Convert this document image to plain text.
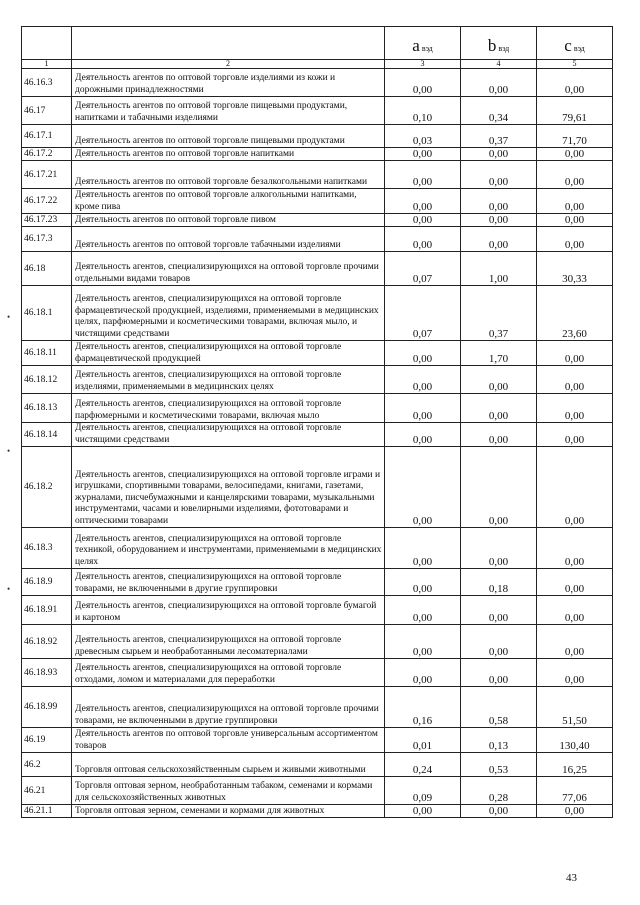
		a вэд	b вэд	c вэд
1	2	3	4	5
46.16.3	Деятельность агентов по оптовой торговле изделиями из кожи и дорожными принадлежностями	0,00	0,00	0,00
46.17	Деятельность агентов по оптовой торговле пищевыми продуктами, напитками и табачными изделиями	0,10	0,34	79,61
46.17.1	Деятельность агентов по оптовой торговле пищевыми продуктами	0,03	0,37	71,70
46.17.2	Деятельность агентов по оптовой торговле напитками	0,00	0,00	0,00
46.17.21	Деятельность агентов по оптовой торговле безалкогольными напитками	0,00	0,00	0,00
46.17.22	Деятельность агентов по оптовой торговле алкогольными напитками, кроме пива	0,00	0,00	0,00
46.17.23	Деятельность агентов по оптовой торговле пивом	0,00	0,00	0,00
46.17.3	Деятельность агентов по оптовой торговле табачными изделиями	0,00	0,00	0,00
46.18	Деятельность агентов, специализирующихся на оптовой торговле прочими отдельными видами товаров	0,07	1,00	30,33
46.18.1	Деятельность агентов, специализирующихся на оптовой торговле фармацевтической продукцией, изделиями, применяемыми в медицинских целях, парфюмерными и косметическими товарами, включая мыло, и чистящими средствами	0,07	0,37	23,60
46.18.11	Деятельность агентов, специализирующихся на оптовой торговле фармацевтической продукцией	0,00	1,70	0,00
46.18.12	Деятельность агентов, специализирующихся на оптовой торговле изделиями, применяемыми в медицинских целях	0,00	0,00	0,00
46.18.13	Деятельность агентов, специализирующихся на оптовой торговле парфюмерными и косметическими товарами, включая мыло	0,00	0,00	0,00
46.18.14	Деятельность агентов, специализирующихся на оптовой торговле чистящими средствами	0,00	0,00	0,00
46.18.2	Деятельность агентов, специализирующихся на оптовой торговле играми и игрушками, спортивными товарами, велосипедами, книгами, газетами, журналами, писчебумажными и канцелярскими товарами, музыкальными инструментами, часами и ювелирными изделиями, фототоварами и оптическими товарами	0,00	0,00	0,00
46.18.3	Деятельность агентов, специализирующихся на оптовой торговле техникой, оборудованием и инструментами, применяемыми в медицинских целях	0,00	0,00	0,00
46.18.9	Деятельность агентов, специализирующихся на оптовой торговле товарами, не включенными в другие группировки	0,00	0,18	0,00
46.18.91	Деятельность агентов, специализирующихся на оптовой торговле бумагой и картоном	0,00	0,00	0,00
46.18.92	Деятельность агентов, специализирующихся на оптовой торговле древесным сырьем и необработанными лесоматериалами	0,00	0,00	0,00
46.18.93	Деятельность агентов, специализирующихся на оптовой торговле отходами, ломом и материалами для переработки	0,00	0,00	0,00
46.18.99	Деятельность агентов, специализирующихся на оптовой торговле прочими товарами, не включенными в другие группировки	0,16	0,58	51,50
46.19	Деятельность агентов по оптовой торговле универсальным ассортиментом товаров	0,01	0,13	130,40
46.2	Торговля оптовая сельскохозяйственным сырьем и живыми животными	0,24	0,53	16,25
46.21	Торговля оптовая зерном, необработанным табаком, семенами и кормами для сельскохозяйственных животных	0,09	0,28	77,06
46.21.1	Торговля оптовая зерном, семенами и кормами для животных	0,00	0,00	0,00
•
•
•
43
